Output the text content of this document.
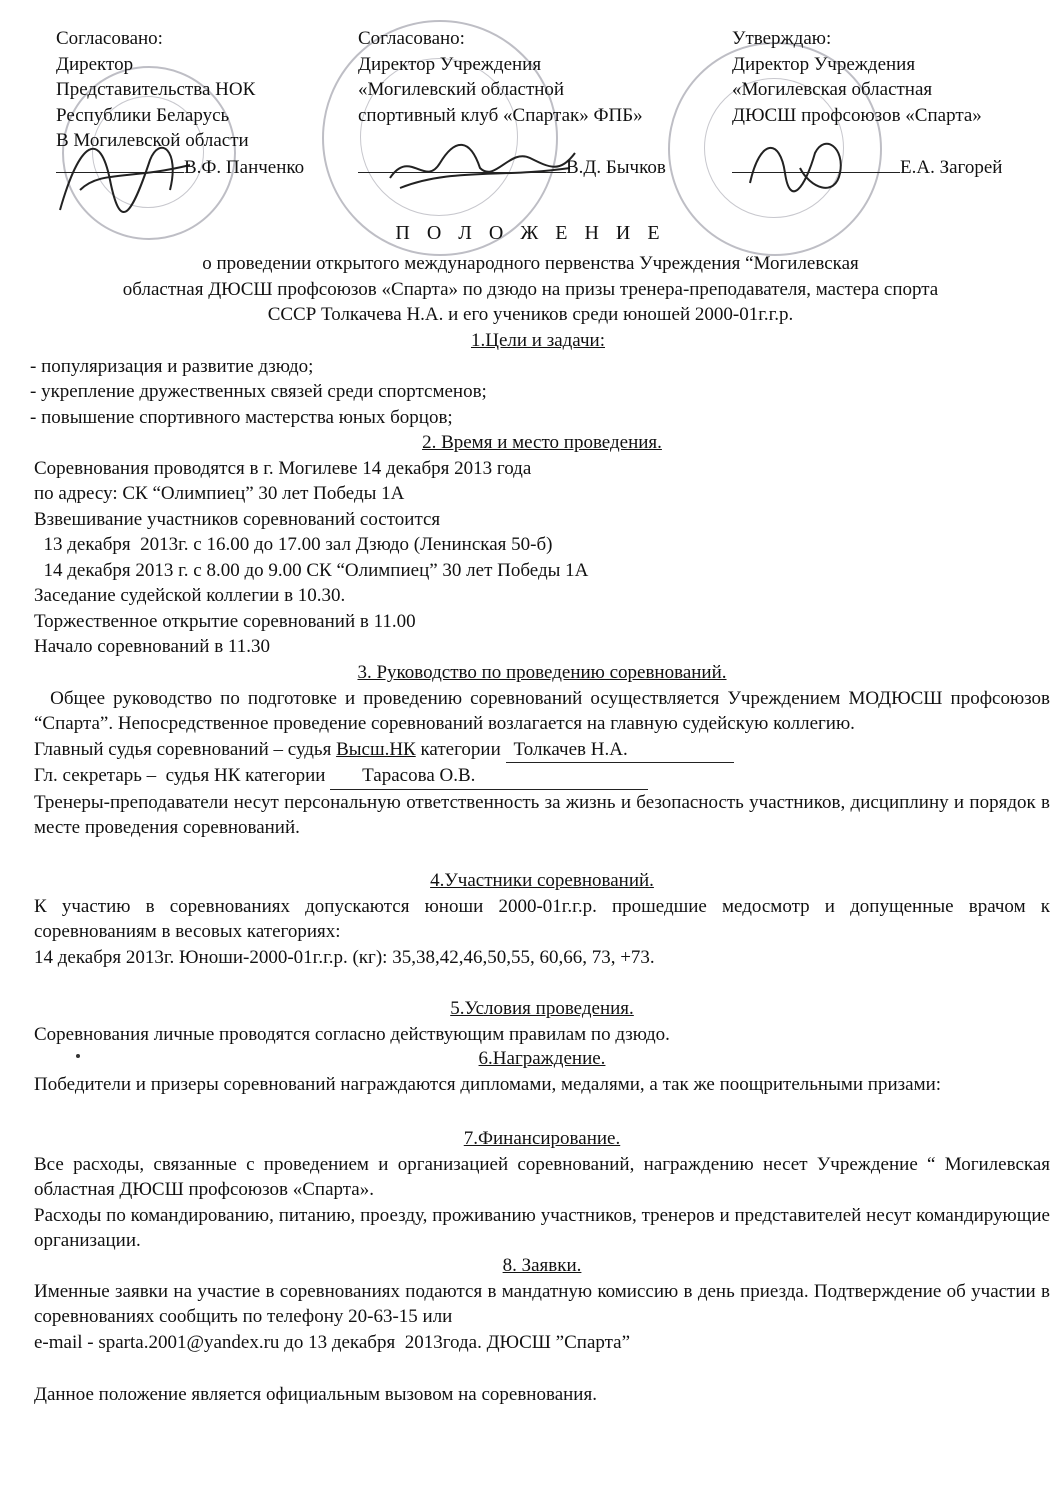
Согласовано:
Директор
Представительства НОК
Республики Беларусь
В Могилевской области
В.Ф. Панченко
Согласовано:
Директор Учреждения
«Могилевский областной
спортивный клуб «Спартак» ФПБ»
В.Д. Бычков
Утверждаю:
Директор Учреждения
«Могилевская областная
ДЮСШ профсоюзов «Спарта»
Е.А. Загорей
П О Л О Ж Е Н И Е
о проведении открытого международного первенства Учреждения “Могилевская
областная ДЮСШ профсоюзов «Спарта» по дзюдо на призы тренера-преподавателя, мастера спорта
СССР Толкачева Н.А. и его учеников среди юношей 2000-01г.г.р.
1.Цели и задачи:
- популяризация и развитие дзюдо;
- укрепление дружественных связей среди спортсменов;
- повышение спортивного мастерства юных борцов;
2. Время и место проведения.
Соревнования проводятся в г. Могилеве 14 декабря 2013 года
по адресу: СК “Олимпиец” 30 лет Победы 1А
Взвешивание участников соревнований состоится
13 декабря  2013г. с 16.00 до 17.00 зал Дзюдо (Ленинская 50-б)
14 декабря 2013 г. с 8.00 до 9.00 СК “Олимпиец” 30 лет Победы 1А
Заседание судейской коллегии в 10.30.
Торжественное открытие соревнований в 11.00
Начало соревнований в 11.30
3. Руководство по проведению соревнований.
Общее руководство по подготовке и проведению соревнований осуществляется Учреждением МОДЮСШ профсоюзов “Спарта”. Непосредственное проведение соревнований возлагается на главную судейскую коллегию.
Главный судья соревнований – судья Высш.НК категории Толкачев Н.А.
Гл. секретарь –  судья НК категории Тарасова О.В.
Тренеры-преподаватели несут персональную ответственность за жизнь и безопасность участников, дисциплину и порядок в месте проведения соревнований.
4.Участники соревнований.
К участию в соревнованиях допускаются юноши 2000-01г.г.р. прошедшие медосмотр и допущенные врачом к соревнованиям в весовых категориях:
14 декабря 2013г. Юноши-2000-01г.г.р. (кг): 35,38,42,46,50,55, 60,66, 73, +73.
5.Условия проведения.
Соревнования личные проводятся согласно действующим правилам по дзюдо.
6.Награждение.
Победители и призеры соревнований награждаются дипломами, медалями, а так же поощрительными призами:
7.Финансирование.
Все расходы, связанные с проведением и организацией соревнований, награждению несет Учреждение “ Могилевская областная ДЮСШ профсоюзов «Спарта».
Расходы по командированию, питанию, проезду, проживанию участников, тренеров и представителей несут командирующие организации.
8. Заявки.
Именные заявки на участие в соревнованиях подаются в мандатную комиссию в день приезда. Подтверждение об участии в соревнованиях сообщить по телефону 20-63-15 или
e-mail - sparta.2001@yandex.ru до 13 декабря  2013года. ДЮСШ ”Спарта”
Данное положение является официальным вызовом на соревнования.
